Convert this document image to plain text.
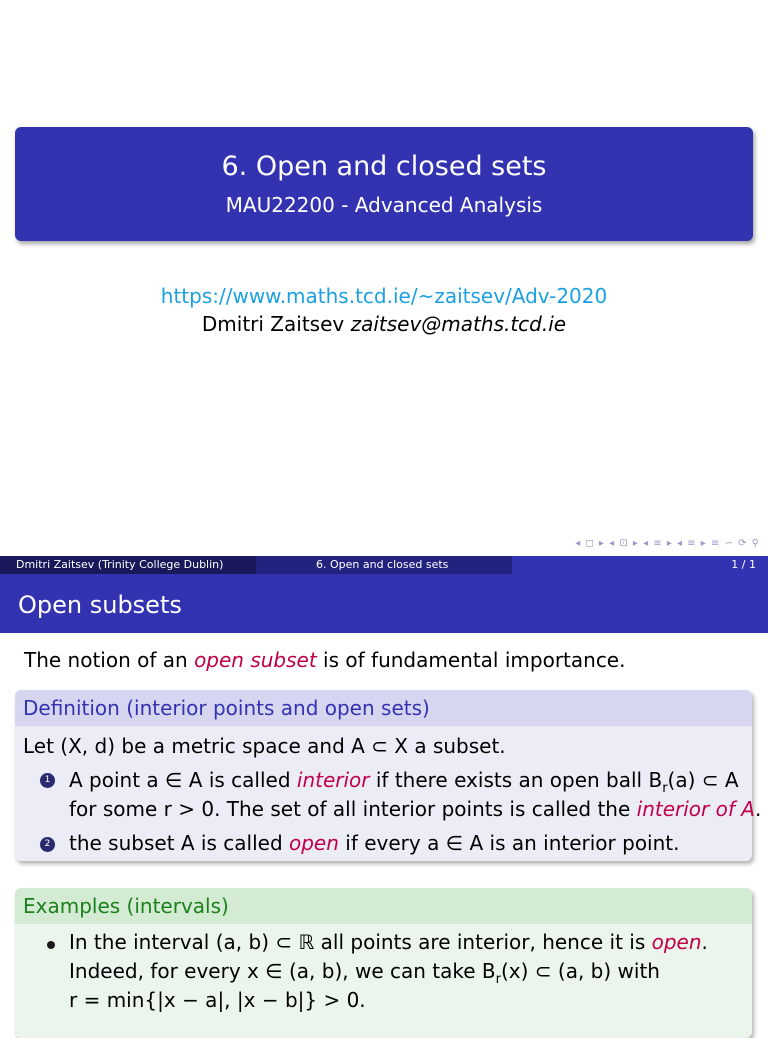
6. Open and closed sets
MAU22200 - Advanced Analysis
https://www.maths.tcd.ie/~zaitsev/Adv-2020
Dmitri Zaitsev zaitsev@maths.tcd.ie
◂ ◻ ▸ ◂ ⊡ ▸ ◂ ≡ ▸ ◂ ≡ ▸ ≡ ∽ ⟳ ⚲
Dmitri Zaitsev (Trinity College Dublin)	6. Open and closed sets	1 / 1
Open subsets
The notion of an open subset is of fundamental importance.
Definition (interior points and open sets)
Let (X, d) be a metric space and A ⊂ X a subset.
1 A point a ∈ A is called interior if there exists an open ball $B_r(a)$ ⊂ A
for some r > 0. The set of all interior points is called the interior of A.
2 the subset A is called open if every a ∈ A is an interior point.
Examples (intervals)
In the interval (a, b) ⊂ ℝ all points are interior, hence it is open.
Indeed, for every x ∈ (a, b), we can take $B_r(x)$ ⊂ (a, b) with
r = min{|x − a|, |x − b|} > 0.
